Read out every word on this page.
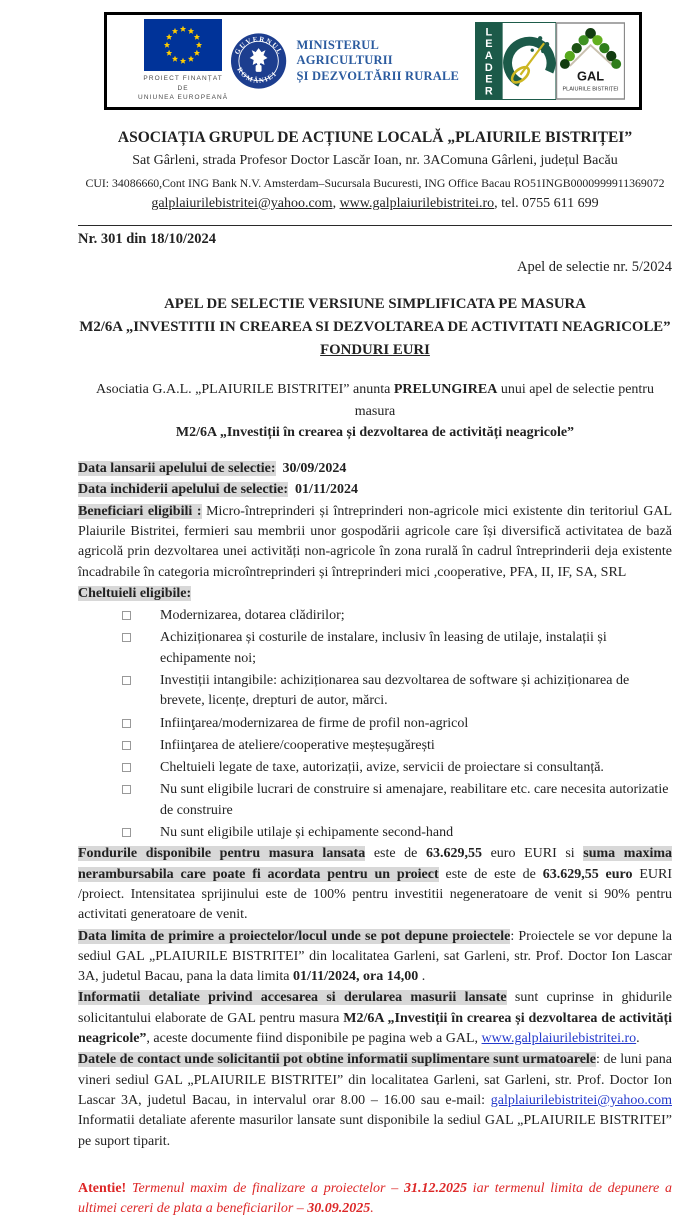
PROIECT FINANȚAT DE
UNIUNEA EUROPEANĂ
GUVERNUL
ROMÂNIEI
MINISTERUL AGRICULTURII
ȘI DEZVOLTĂRII RURALE
L
E
A
D
E
R
GAL
PLAIURILE BISTRIȚEI
ASOCIAȚIA GRUPUL DE ACȚIUNE LOCALĂ „PLAIURILE BISTRIȚEI”
Sat Gârleni, strada Profesor Doctor Lascăr Ioan, nr. 3AComuna Gârleni, județul Bacău
CUI: 34086660,Cont ING Bank N.V. Amsterdam–Sucursala Bucuresti, ING Office Bacau RO51INGB0000999911369072
galplaiurilebistritei@yahoo.com, www.galplaiurilebistritei.ro, tel. 0755 611 699
Nr. 301 din 18/10/2024
Apel de selectie nr. 5/2024
APEL DE SELECTIE VERSIUNE SIMPLIFICATA PE MASURA
M2/6A „INVESTITII IN CREAREA SI DEZVOLTAREA DE ACTIVITATI NEAGRICOLE”
FONDURI EURI
Asociatia G.A.L. „PLAIURILE BISTRITEI” anunta PRELUNGIREA unui apel de selectie pentru masura
M2/6A „Investiții în crearea și dezvoltarea de activități neagricole”
Data lansarii apelului de selectie: 30/09/2024
Data inchiderii apelului de selectie: 01/11/2024

Beneficiari eligibili : Micro-întreprinderi și întreprinderi non-agricole mici existente din teritoriul GAL Plaiurile Bistritei, fermieri sau membrii unor gospodării agricole care își diversifică activitatea de bază agricolă prin dezvoltarea unei activități non-agricole în zona rurală în cadrul întreprinderii deja existente încadrabile în categoria microîntreprinderi și întreprinderi mici ,cooperative, PFA, II, IF, SA, SRL

Cheltuieli eligibile:
Modernizarea, dotarea clădirilor;
Achiziționarea și costurile de instalare, inclusiv în leasing de utilaje, instalații și echipamente noi;
Investiții intangibile: achiziționarea sau dezvoltarea de software și achiziționarea de brevete, licențe, drepturi de autor, mărci.
Infiinţarea/modernizarea de firme de profil non-agricol
Infiinţarea de ateliere/cooperative meșteșugărești
Cheltuieli legate de taxe, autorizații, avize, servicii de proiectare si consultanță.
Nu sunt eligibile lucrari de construire si amenajare, reabilitare etc. care necesita autorizatie de construire
Nu sunt eligibile utilaje și echipamente second-hand

Fondurile disponibile pentru masura lansata este de 63.629,55 euro EURI si suma maxima nerambursabila care poate fi acordata pentru un proiect este de este de 63.629,55 euro EURI /proiect. Intensitatea sprijinului este de 100% pentru investitii negeneratoare de venit si 90% pentru activitati generatoare de venit.

Data limita de primire a proiectelor/locul unde se pot depune proiectele: Proiectele se vor depune la sediul GAL „PLAIURILE BISTRITEI” din localitatea Garleni, sat Garleni, str. Prof. Doctor Ion Lascar 3A, judetul Bacau, pana la data limita 01/11/2024, ora 14,00 .

Informatii detaliate privind accesarea si derularea masurii lansate sunt cuprinse in ghidurile solicitantului elaborate de GAL pentru masura M2/6A „Investiții în crearea și dezvoltarea de activități neagricole”, aceste documente fiind disponibile pe pagina web a GAL, www.galplaiurilebistritei.ro.

Datele de contact unde solicitantii pot obtine informatii suplimentare sunt urmatoarele: de luni pana vineri sediul GAL „PLAIURILE BISTRITEI” din localitatea Garleni, sat Garleni, str. Prof. Doctor Ion Lascar 3A, judetul Bacau, in intervalul orar 8.00 – 16.00 sau e-mail: galplaiurilebistritei@yahoo.com Informatii detaliate aferente masurilor lansate sunt disponibile la sediul GAL „PLAIURILE BISTRITEI” pe suport tiparit.

Atentie! Termenul maxim de finalizare a proiectelor – 31.12.2025 iar termenul limita de depunere a ultimei cereri de plata a beneficiarilor – 30.09.2025.
